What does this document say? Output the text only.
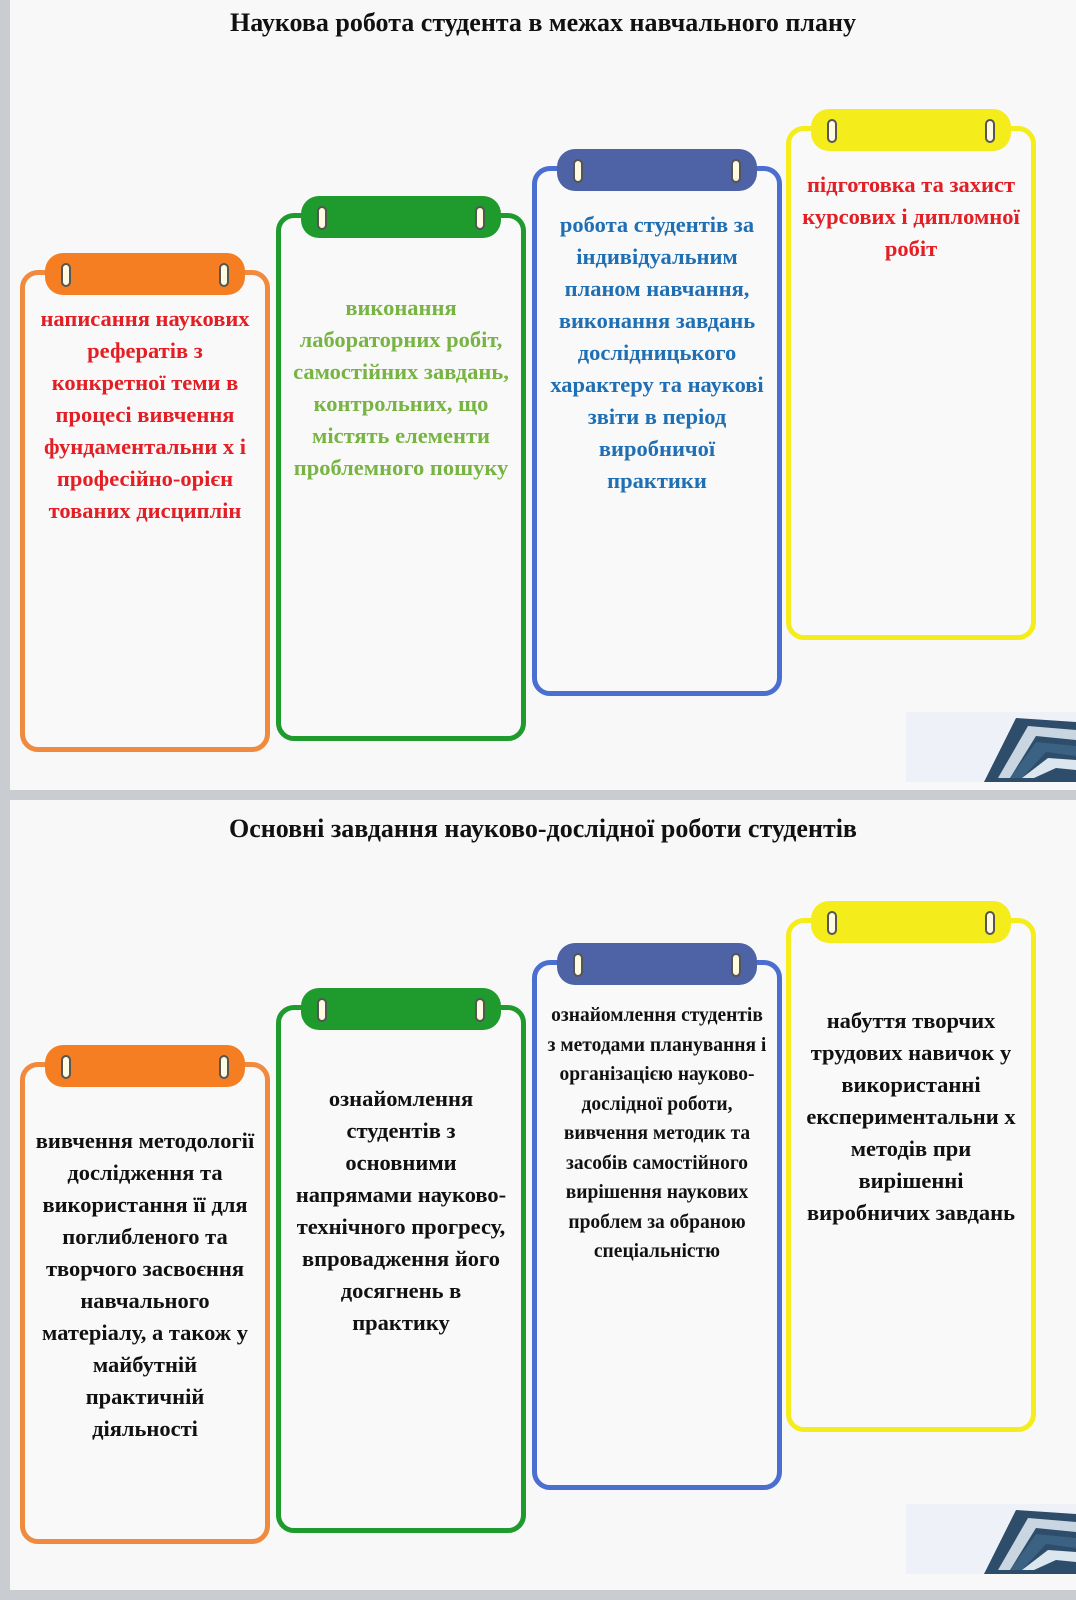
Наукова робота студента в межах навчального плану
написання наукових рефератів з конкретної теми в процесі вивчення фундаментальни х і професійно-орієн тованих дисциплін
виконання лабораторних робіт, самостійних завдань, контрольних, що містять елементи проблемного пошуку
робота студентів за індивідуальним планом навчання, виконання завдань дослідницького характеру та наукові звіти в період виробничої практики
підготовка та захист курсових і дипломної робіт
Основні завдання науково-дослідної роботи студентів
вивчення методології дослідження та використання її для поглибленого та творчого засвоєння навчального матеріалу, а також у майбутній практичній діяльності
ознайомлення студентів з основними напрямами науково-технічного прогресу, впровадження його досягнень в практику
ознайомлення студентів з методами планування і організацією науково-дослідної роботи, вивчення методик та засобів самостійного вирішення наукових проблем за обраною спеціальністю
набуття творчих трудових навичок у використанні експериментальни х методів при вирішенні виробничих завдань
